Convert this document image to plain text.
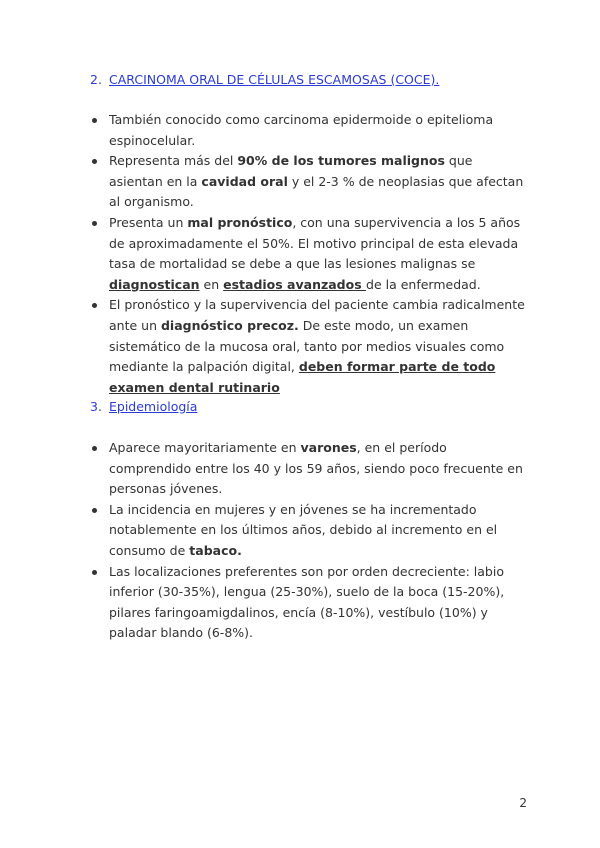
2. CARCINOMA ORAL DE CÉLULAS ESCAMOSAS (COCE).
También conocido como carcinoma epidermoide o epitelioma espinocelular.
Representa más del 90% de los tumores malignos que asientan en la cavidad oral y el 2-3 % de neoplasias que afectan al organismo.
Presenta un mal pronóstico, con una supervivencia a los 5 años de aproximadamente el 50%. El motivo principal de esta elevada tasa de mortalidad se debe a que las lesiones malignas se diagnostican en estadios avanzados de la enfermedad.
El pronóstico y la supervivencia del paciente cambia radicalmente ante un diagnóstico precoz. De este modo, un examen sistemático de la mucosa oral, tanto por medios visuales como mediante la palpación digital, deben formar parte de todo examen dental rutinario
3. Epidemiología
Aparece mayoritariamente en varones, en el período comprendido entre los 40 y los 59 años, siendo poco frecuente en personas jóvenes.
La incidencia en mujeres y en jóvenes se ha incrementado notablemente en los últimos años, debido al incremento en el consumo de tabaco.
Las localizaciones preferentes son por orden decreciente: labio inferior (30-35%), lengua (25-30%), suelo de la boca (15-20%), pilares faringoamigdalinos, encía (8-10%), vestíbulo (10%) y paladar blando (6-8%).
2
